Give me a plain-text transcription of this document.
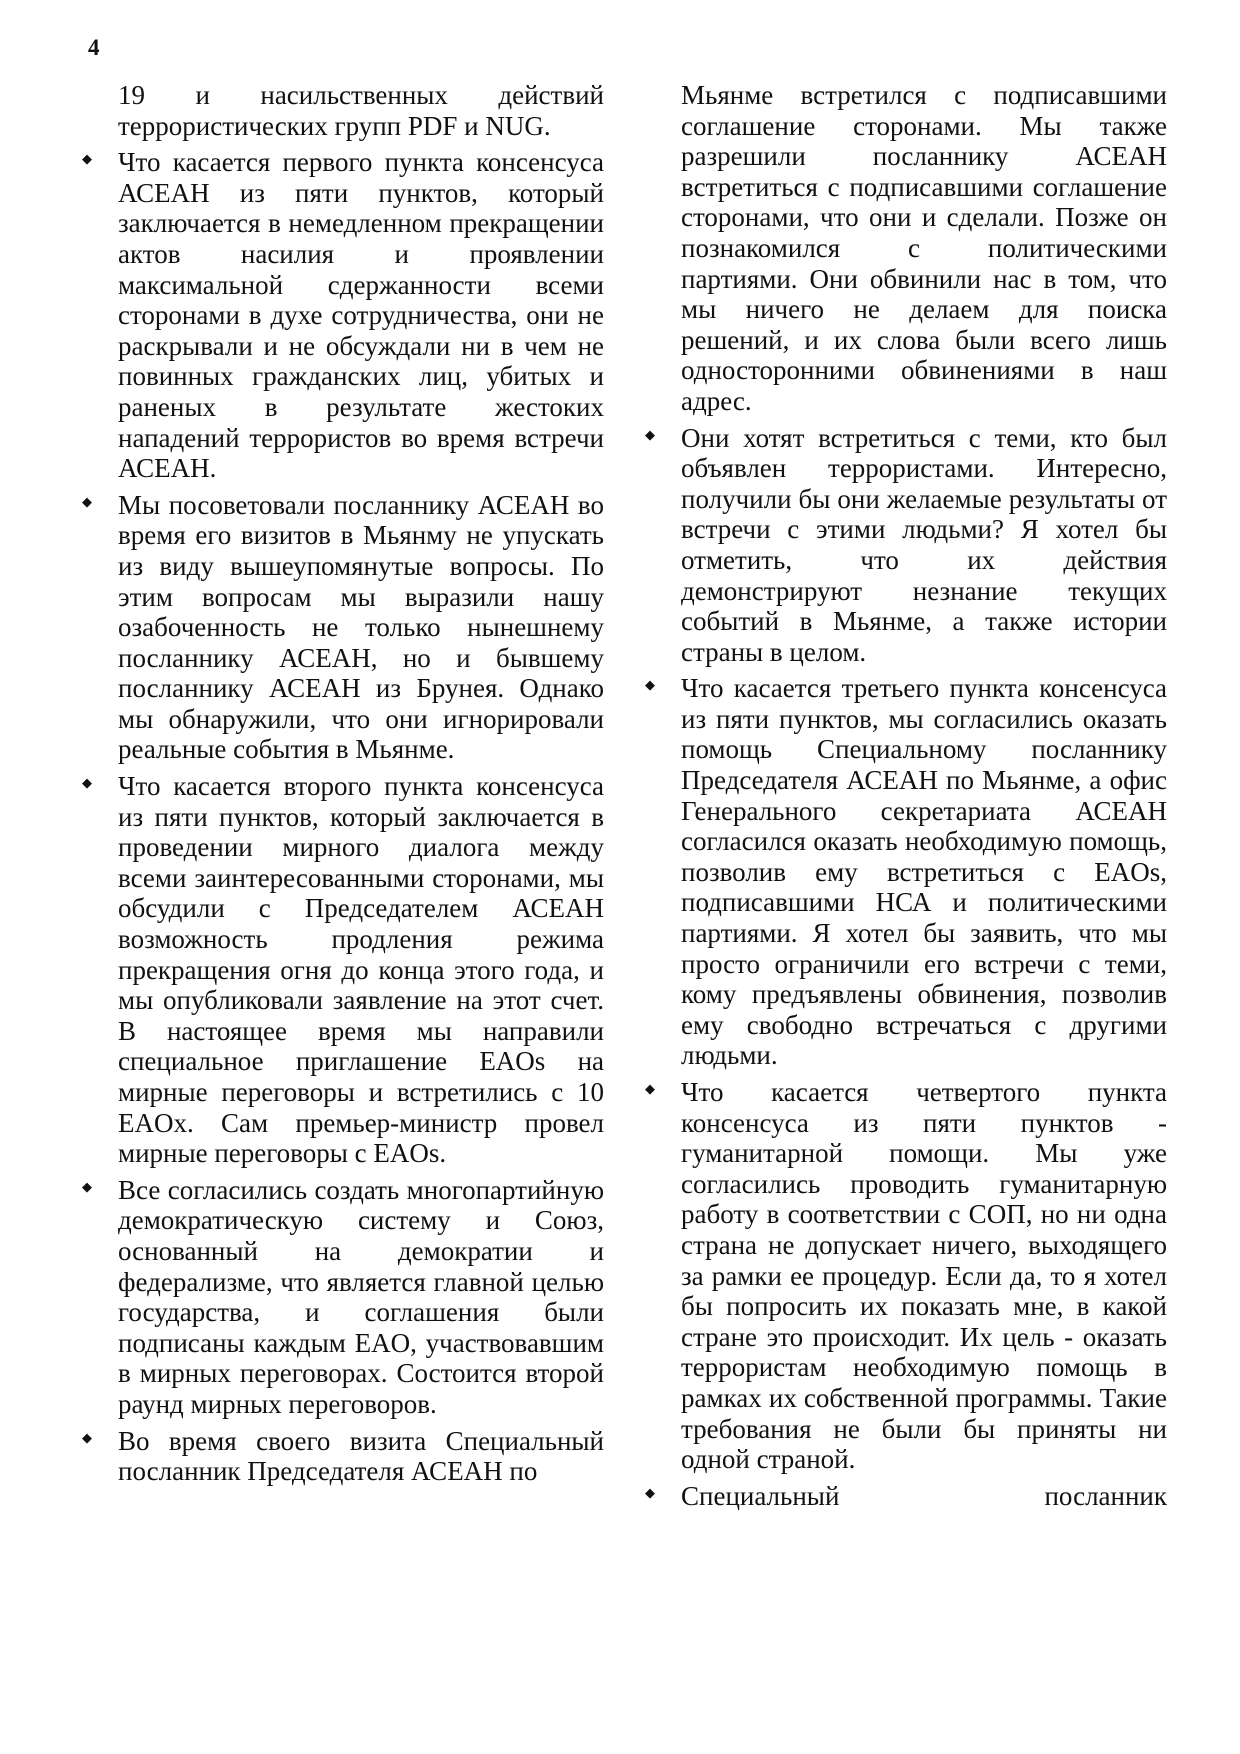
4

19 и насильственных действий террористических групп PDF и NUG.

◆ Что касается первого пункта консенсуса АСЕАН из пяти пунктов, который заключается в немедленном прекращении актов насилия и проявлении максимальной сдержанности всеми сторонами в духе сотрудничества, они не раскрывали и не обсуждали ни в чем не повинных гражданских лиц, убитых и раненых в результате жестоких нападений террористов во время встречи АСЕАН.

◆ Мы посоветовали посланнику АСЕАН во время его визитов в Мьянму не упускать из виду вышеупомянутые вопросы. По этим вопросам мы выразили нашу озабоченность не только нынешнему посланнику АСЕАН, но и бывшему посланнику АСЕАН из Брунея. Однако мы обнаружили, что они игнорировали реальные события в Мьянме.

◆ Что касается второго пункта консенсуса из пяти пунктов, который заключается в проведении мирного диалога между всеми заинтересованными сторонами, мы обсудили с Председателем АСЕАН возможность продления режима прекращения огня до конца этого года, и мы опубликовали заявление на этот счет. В настоящее время мы направили специальное приглашение EAOs на мирные переговоры и встретились с 10 EAOх. Сам премьер-министр провел мирные переговоры с EAOs.

◆ Все согласились создать многопартийную демократическую систему и Союз, основанный на демократии и федерализме, что является главной целью государства, и соглашения были подписаны каждым EAO, участвовавшим в мирных переговорах. Состоится второй раунд мирных переговоров.

◆ Во время своего визита Специальный посланник Председателя АСЕАН по

Мьянме встретился с подписавшими соглашение сторонами. Мы также разрешили посланнику АСЕАН встретиться с подписавшими соглашение сторонами, что они и сделали. Позже он познакомился с политическими партиями. Они обвинили нас в том, что мы ничего не делаем для поиска решений, и их слова были всего лишь односторонними обвинениями в наш адрес.

◆ Они хотят встретиться с теми, кто был объявлен террористами. Интересно, получили бы они желаемые результаты от встречи с этими людьми? Я хотел бы отметить, что их действия демонстрируют незнание текущих событий в Мьянме, а также истории страны в целом.

◆ Что касается третьего пункта консенсуса из пяти пунктов, мы согласились оказать помощь Специальному посланнику Председателя АСЕАН по Мьянме, а офис Генерального секретариата АСЕАН согласился оказать необходимую помощь, позволив ему встретиться с EAOs, подписавшими НСА и политическими партиями. Я хотел бы заявить, что мы просто ограничили его встречи с теми, кому предъявлены обвинения, позволив ему свободно встречаться с другими людьми.

◆ Что касается четвертого пункта консенсуса из пяти пунктов - гуманитарной помощи. Мы уже согласились проводить гуманитарную работу в соответствии с СОП, но ни одна страна не допускает ничего, выходящего за рамки ее процедур. Если да, то я хотел бы попросить их показать мне, в какой стране это происходит. Их цель - оказать террористам необходимую помощь в рамках их собственной программы. Такие требования не были бы приняты ни одной страной.

◆ Специальный посланник
